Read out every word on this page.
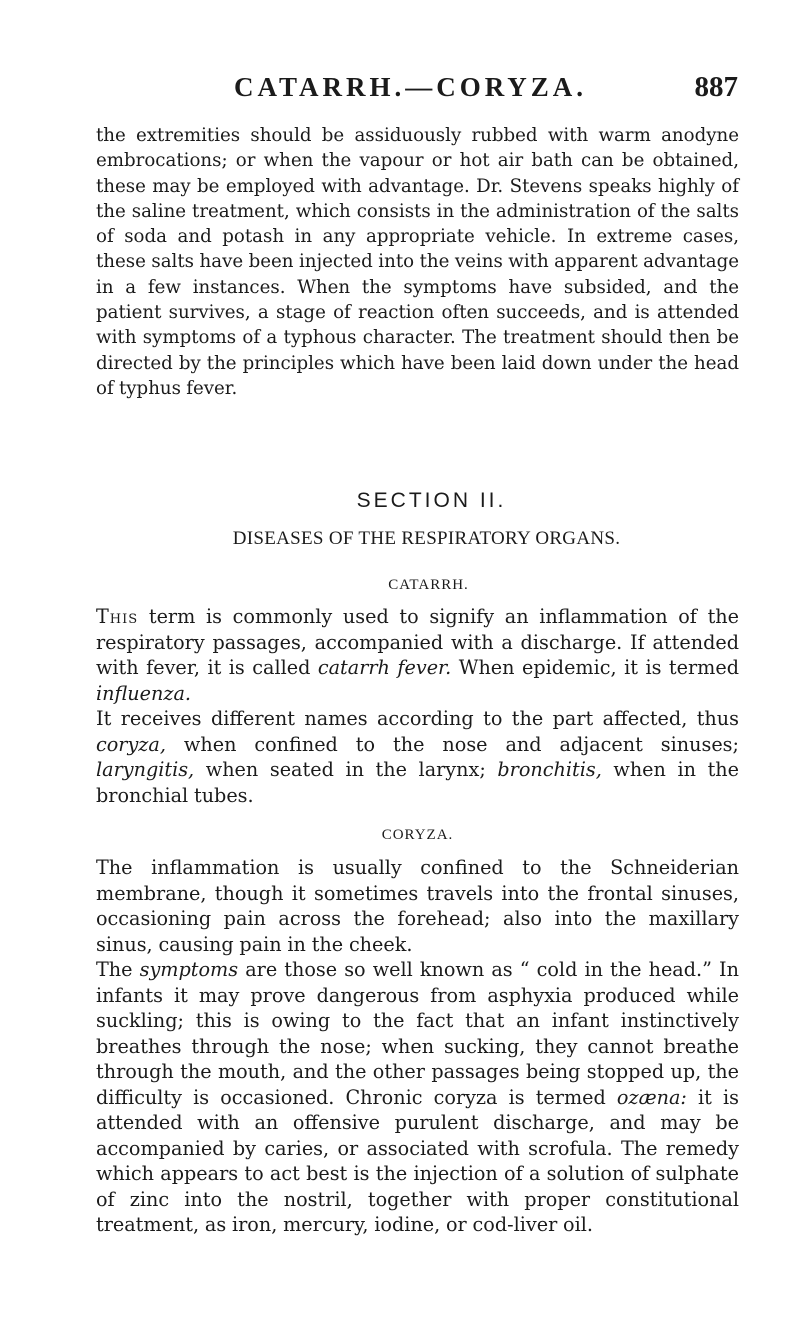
CATARRH.—CORYZA.	887

the extremities should be assiduously rubbed with warm anodyne embrocations; or when the vapour or hot air bath can be obtained, these may be employed with advantage. Dr. Stevens speaks highly of the saline treatment, which consists in the administration of the salts of soda and potash in any appropriate vehicle. In extreme cases, these salts have been injected into the veins with apparent advantage in a few instances. When the symptoms have subsided, and the patient survives, a stage of reaction often succeeds, and is attended with symptoms of a typhous character. The treatment should then be directed by the principles which have been laid down under the head of typhus fever.

SECTION II.
DISEASES OF THE RESPIRATORY ORGANS.
CATARRH.

This term is commonly used to signify an inflammation of the respiratory passages, accompanied with a discharge. If attended with fever, it is called catarrh fever. When epidemic, it is termed influenza.

It receives different names according to the part affected, thus coryza, when confined to the nose and adjacent sinuses; laryngitis, when seated in the larynx; bronchitis, when in the bronchial tubes.

CORYZA.

The inflammation is usually confined to the Schneiderian membrane, though it sometimes travels into the frontal sinuses, occasioning pain across the forehead; also into the maxillary sinus, causing pain in the cheek.

The symptoms are those so well known as “ cold in the head.” In infants it may prove dangerous from asphyxia produced while suckling; this is owing to the fact that an infant instinctively breathes through the nose; when sucking, they cannot breathe through the mouth, and the other passages being stopped up, the difficulty is occasioned. Chronic coryza is termed ozæna: it is attended with an offensive purulent discharge, and may be accompanied by caries, or associated with scrofula. The remedy which appears to act best is the injection of a solution of sulphate of zinc into the nostril, together with proper constitutional treatment, as iron, mercury, iodine, or cod-liver oil.
